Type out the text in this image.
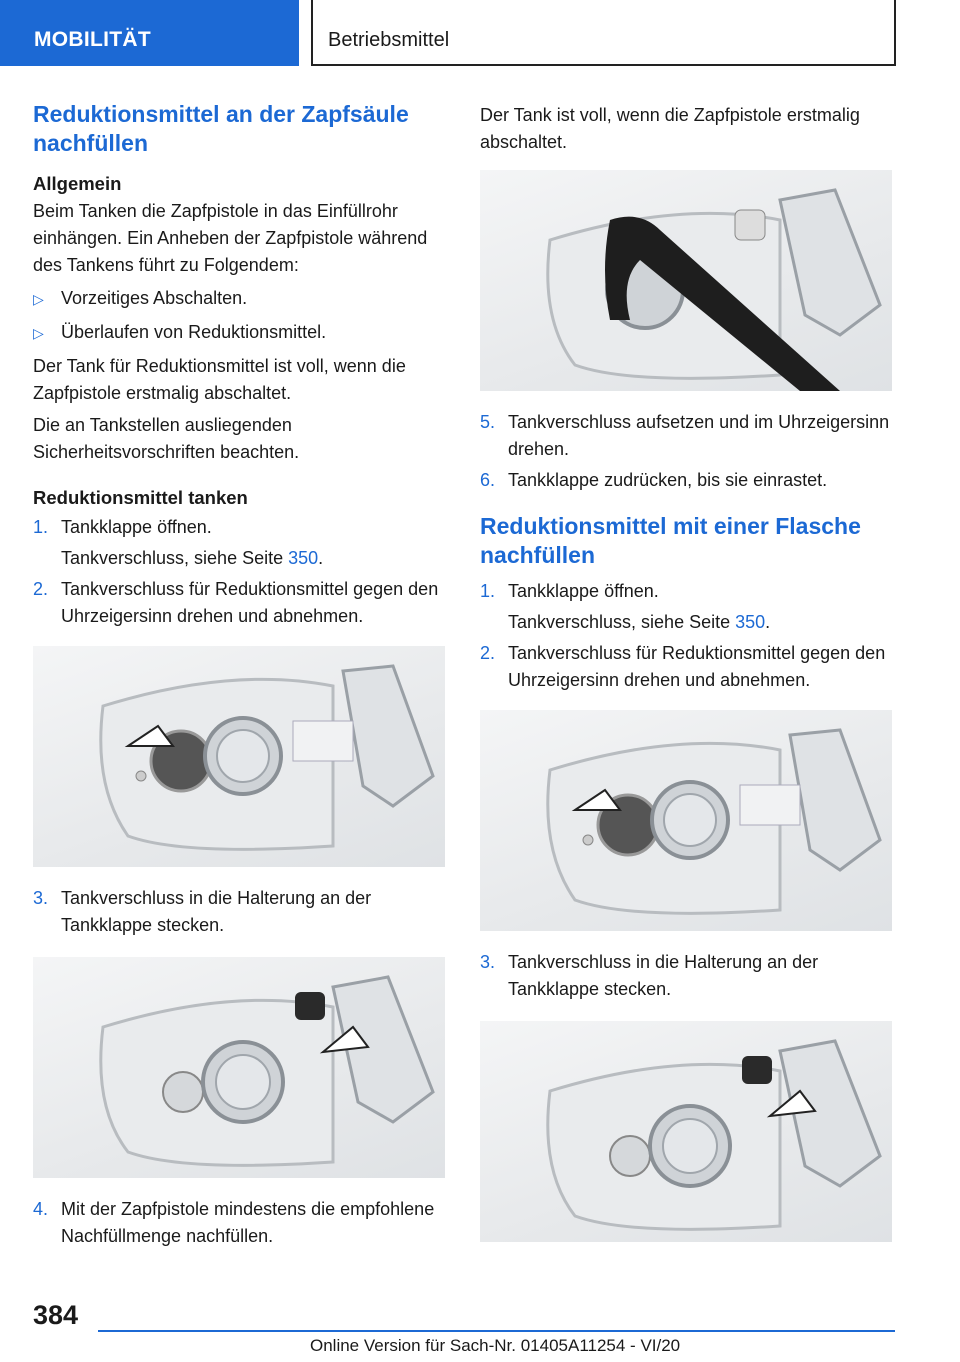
MOBILITÄT	Betriebsmittel
Reduktionsmittel an der Zapfsäule nachfüllen
Allgemein

Beim Tanken die Zapfpistole in das Einfüllrohr einhängen. Ein Anheben der Zapfpistole während des Tankens führt zu Folgendem:

▷ Vorzeitiges Abschalten.
▷ Überlaufen von Reduktionsmittel.

Der Tank für Reduktionsmittel ist voll, wenn die Zapfpistole erstmalig abschaltet.

Die an Tankstellen ausliegenden Sicherheitsvorschriften beachten.

Reduktionsmittel tanken
1. Tankklappe öffnen.
Tankverschluss, siehe Seite 350.
2. Tankverschluss für Reduktionsmittel gegen den Uhrzeigersinn drehen und abnehmen.
3. Tankverschluss in die Halterung an der Tankklappe stecken.
4. Mit der Zapfpistole mindestens die empfohlene Nachfüllmenge nachfüllen.

Der Tank ist voll, wenn die Zapfpistole erstmalig abschaltet.

5. Tankverschluss aufsetzen und im Uhrzeigersinn drehen.
6. Tankklappe zudrücken, bis sie einrastet.
Reduktionsmittel mit einer Flasche nachfüllen
1. Tankklappe öffnen.
Tankverschluss, siehe Seite 350.
2. Tankverschluss für Reduktionsmittel gegen den Uhrzeigersinn drehen und abnehmen.
3. Tankverschluss in die Halterung an der Tankklappe stecken.
384
Online Version für Sach-Nr. 01405A11254 - VI/20
